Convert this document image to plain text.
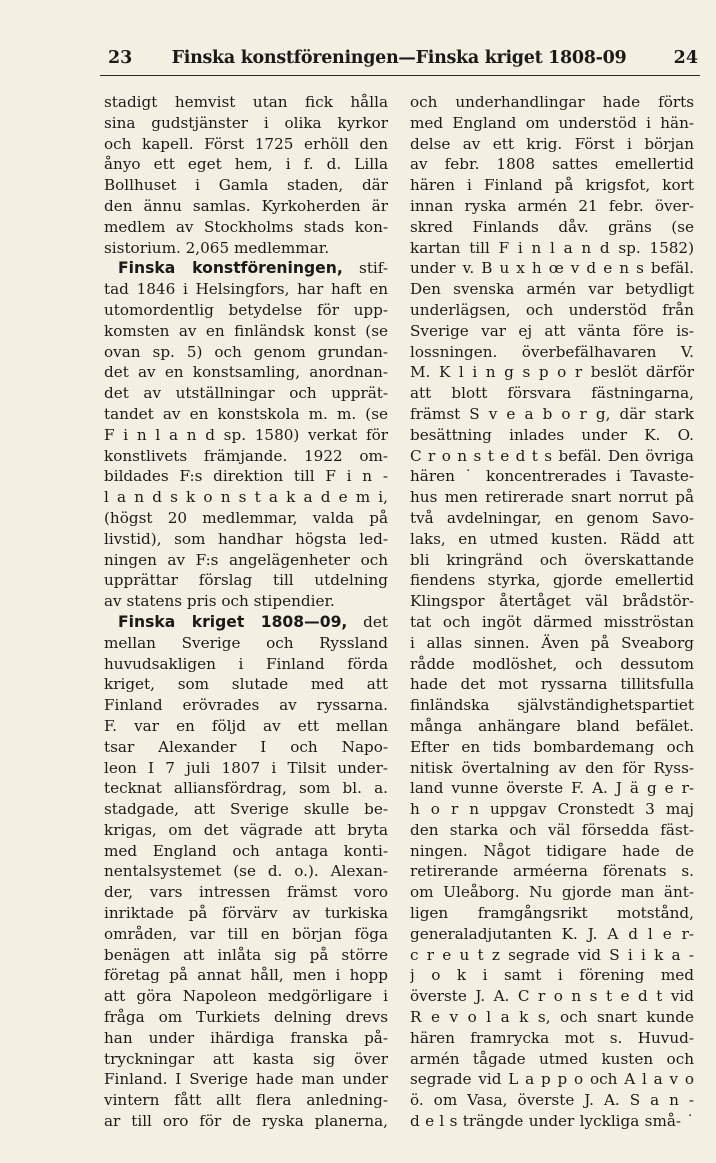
23	Finska konstföreningen—Finska kriget 1808-09	24
stadigt hemvist utan fick hålla
sina gudstjänster i olika kyrkor
och kapell. Först 1725 erhöll den
ånyo ett eget hem, i f. d. Lilla
Bollhuset i Gamla staden, där
den ännu samlas. Kyrkoherden är
medlem av Stockholms stads kon-
sistorium. 2,065 medlemmar.
Finska konstföreningen, stif-
tad 1846 i Helsingfors, har haft en
utomordentlig betydelse för upp-
komsten av en finländsk konst (se
ovan sp. 5) och genom grundan-
det av en konstsamling, anordnan-
det av utställningar och upprät-
tandet av en konstskola m. m. (se
F i n l a n d sp. 1580) verkat för
konstlivets främjande. 1922 om-
bildades F:s direktion till F i n -
l a n d s k o n s t a k a d e m i,
(högst 20 medlemmar, valda på
livstid), som handhar högsta led-
ningen av F:s angelägenheter och
upprättar förslag till utdelning
av statens pris och stipendier.
Finska kriget 1808—09, det
mellan Sverige och Ryssland
huvudsakligen i Finland förda
kriget, som slutade med att
Finland erövrades av ryssarna.
F. var en följd av ett mellan
tsar Alexander I och Napo-
leon I 7 juli 1807 i Tilsit under-
tecknat alliansfördrag, som bl. a.
stadgade, att Sverige skulle be-
krigas, om det vägrade att bryta
med England och antaga konti-
nentalsystemet (se d. o.). Alexan-
der, vars intressen främst voro
inriktade på förvärv av turkiska
områden, var till en början föga
benägen att inlåta sig på större
företag på annat håll, men i hopp
att göra Napoleon medgörligare i
fråga om Turkiets delning drevs
han under ihärdiga franska på-
tryckningar att kasta sig över
Finland. I Sverige hade man under
vintern fått allt flera anledning-
ar till oro för de ryska planerna,
och underhandlingar hade förts
med England om understöd i hän-
delse av ett krig. Först i början
av febr. 1808 sattes emellertid
hären i Finland på krigsfot, kort
innan ryska armén 21 febr. över-
skred Finlands dåv. gräns (se
kartan till F i n l a n d sp. 1582)
under v. B u x h œ v d e n s befäl.
Den svenska armén var betydligt
underlägsen, och understöd från
Sverige var ej att vänta före is-
lossningen. överbefälhavaren V.
M. K l i n g s p o r beslöt därför
att blott försvara fästningarna,
främst S v e a b o r g, där stark
besättning inlades under K. O.
C r o n s t e d t s befäl. Den övriga
hären ˙ koncentrerades i Tavaste-
hus men retirerade snart norrut på
två avdelningar, en genom Savo-
laks, en utmed kusten. Rädd att
bli kringränd och överskattande
fiendens styrka, gjorde emellertid
Klingspor återtåget väl brådstör-
tat och ingöt därmed misströstan
i allas sinnen. Även på Sveaborg
rådde modlöshet, och dessutom
hade det mot ryssarna tillitsfulla
finländska självständighetspartiet
många anhängare bland befälet.
Efter en tids bombardemang och
nitisk övertalning av den för Ryss-
land vunne överste F. A. J ä g e r-
h o r n uppgav Cronstedt 3 maj
den starka och väl försedda fäst-
ningen. Något tidigare hade de
retirerande arméerna förenats s.
om Uleåborg. Nu gjorde man änt-
ligen framgångsrikt motstånd,
generaladjutanten K. J. A d l e r-
c r e u t z segrade vid S i i k a -
j o k i samt i förening med
överste J. A. C r o n s t e d t vid
R e v o l a k s, och snart kunde
hären framrycka mot s. Huvud-
armén tågade utmed kusten och
segrade vid L a p p o och A l a v o
ö. om Vasa, överste J. A. S a n -
d e l s trängde under lyckliga små- ˙
